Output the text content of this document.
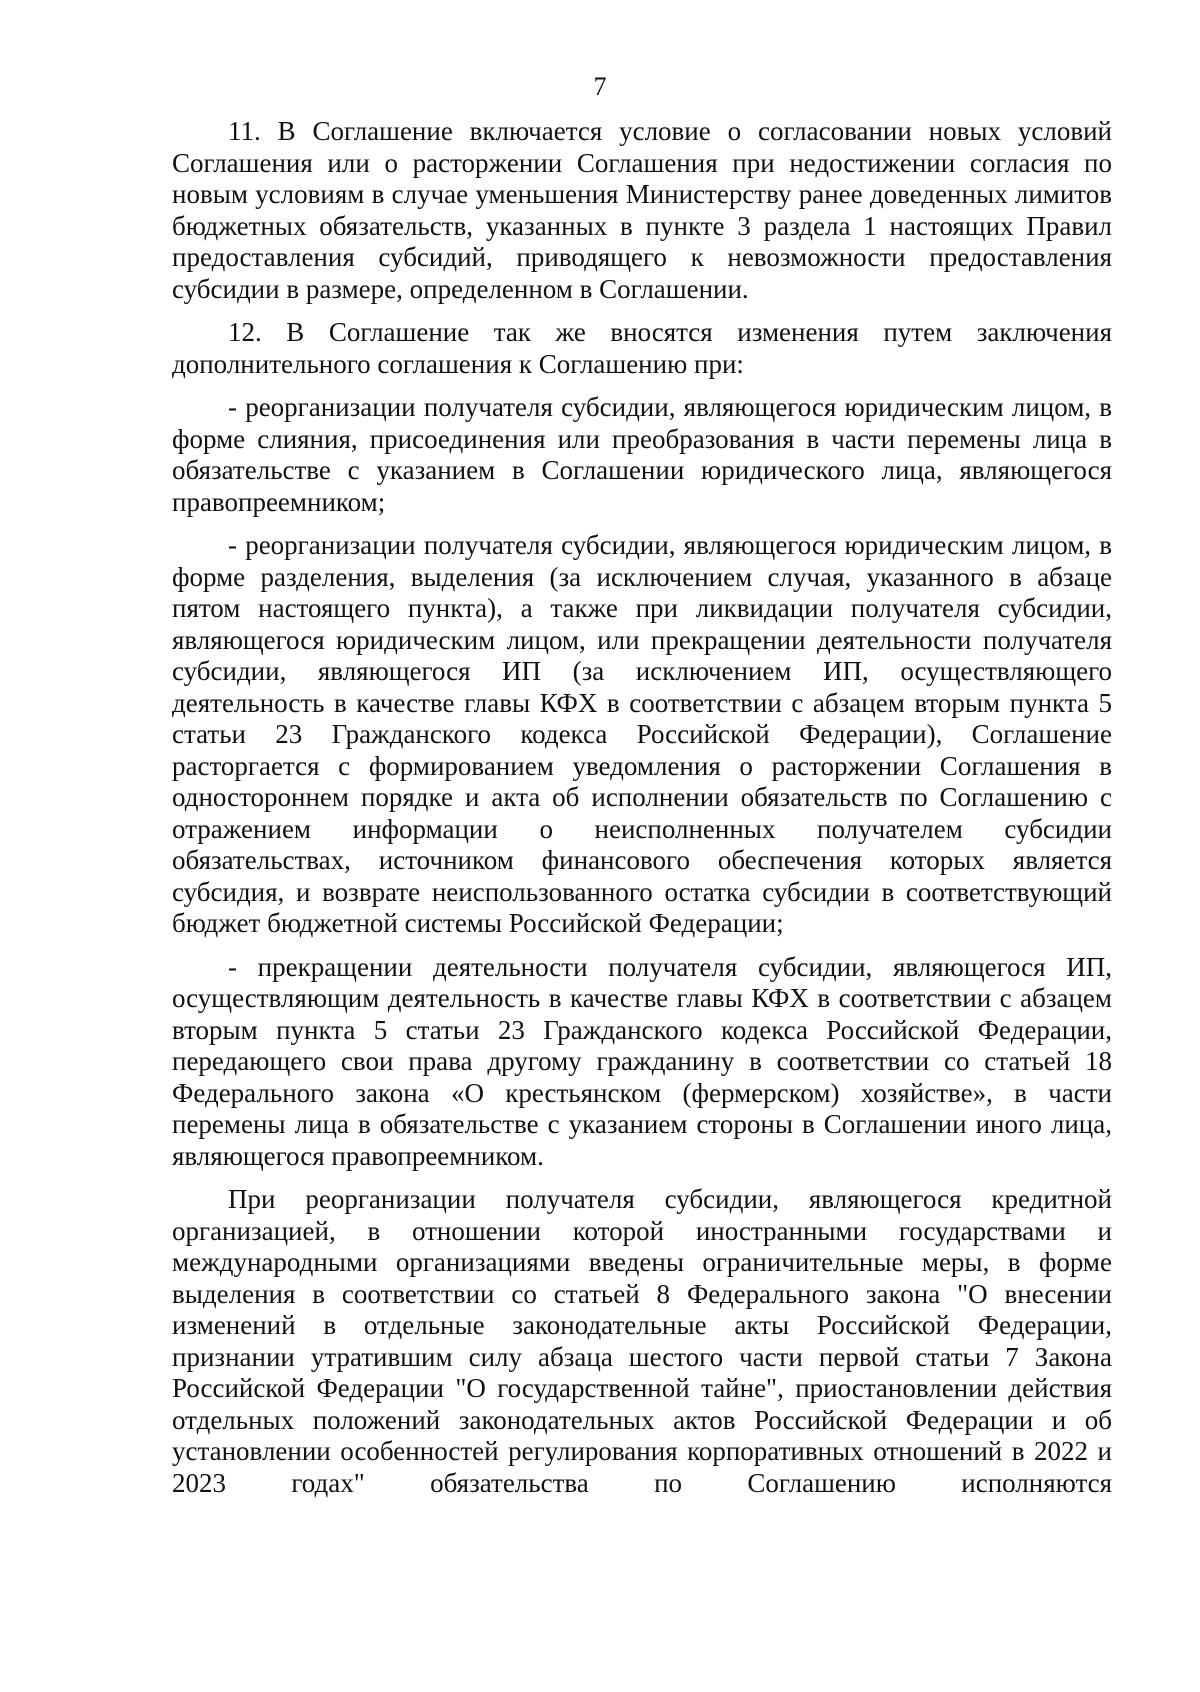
7

11. В Соглашение включается условие о согласовании новых условий Соглашения или о расторжении Соглашения при недостижении согласия по новым условиям в случае уменьшения Министерству ранее доведенных лимитов бюджетных обязательств, указанных в пункте 3 раздела 1 настоящих Правил предоставления субсидий, приводящего к невозможности предоставления субсидии в размере, определенном в Соглашении.

12. В Соглашение так же вносятся изменения путем заключения дополнительного соглашения к Соглашению при:

- реорганизации получателя субсидии, являющегося юридическим лицом, в форме слияния, присоединения или преобразования в части перемены лица в обязательстве с указанием в Соглашении юридического лица, являющегося правопреемником;

- реорганизации получателя субсидии, являющегося юридическим лицом, в форме разделения, выделения (за исключением случая, указанного в абзаце пятом настоящего пункта), а также при ликвидации получателя субсидии, являющегося юридическим лицом, или прекращении деятельности получателя субсидии, являющегося ИП (за исключением ИП, осуществляющего деятельность в качестве главы КФХ в соответствии с абзацем вторым пункта 5 статьи 23 Гражданского кодекса Российской Федерации), Соглашение расторгается с формированием уведомления о расторжении Соглашения в одностороннем порядке и акта об исполнении обязательств по Соглашению с отражением информации о неисполненных получателем субсидии обязательствах, источником финансового обеспечения которых является субсидия, и возврате неиспользованного остатка субсидии в соответствующий бюджет бюджетной системы Российской Федерации;

- прекращении деятельности получателя субсидии, являющегося ИП, осуществляющим деятельность в качестве главы КФХ в соответствии с абзацем вторым пункта 5 статьи 23 Гражданского кодекса Российской Федерации, передающего свои права другому гражданину в соответствии со статьей 18 Федерального закона «О крестьянском (фермерском) хозяйстве», в части перемены лица в обязательстве с указанием стороны в Соглашении иного лица, являющегося правопреемником.

При реорганизации получателя субсидии, являющегося кредитной организацией, в отношении которой иностранными государствами и международными организациями введены ограничительные меры, в форме выделения в соответствии со статьей 8 Федерального закона "О внесении изменений в отдельные законодательные акты Российской Федерации, признании утратившим силу абзаца шестого части первой статьи 7 Закона Российской Федерации "О государственной тайне", приостановлении действия отдельных положений законодательных актов Российской Федерации и об установлении особенностей регулирования корпоративных отношений в 2022 и 2023 годах" обязательства по Соглашению исполняются
